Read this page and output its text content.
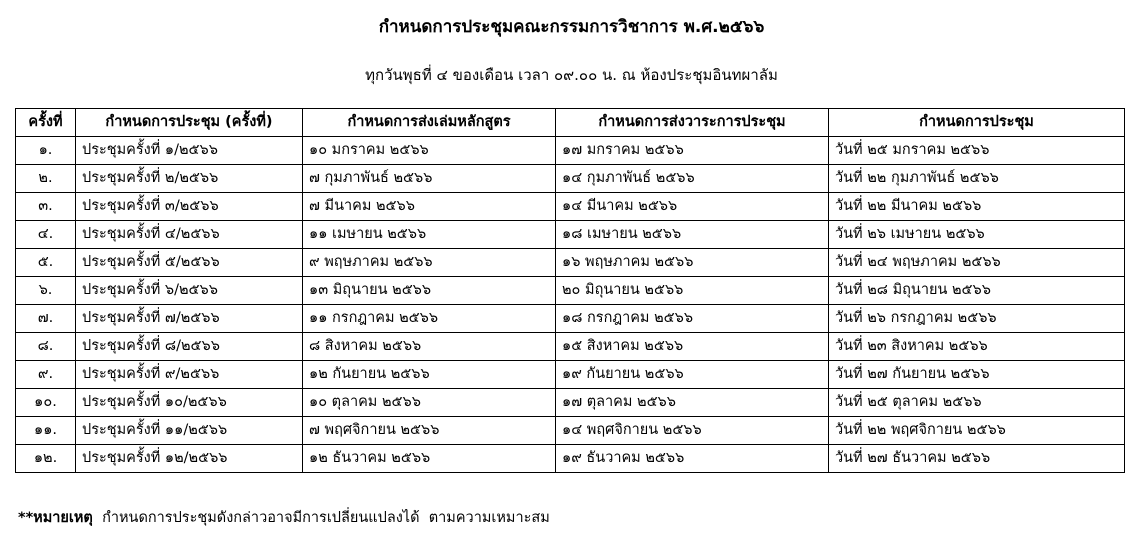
กำหนดการประชุมคณะกรรมการวิชาการ พ.ศ.๒๕๖๖
ทุกวันพุธที่ ๔ ของเดือน เวลา ๐๙.๐๐ น. ณ ห้องประชุมอินทผาลัม
ครั้งที่	กำหนดการประชุม (ครั้งที่)	กำหนดการส่งเล่มหลักสูตร	กำหนดการส่งวาระการประชุม	กำหนดการประชุม
๑.	ประชุมครั้งที่ ๑/๒๕๖๖	๑๐ มกราคม ๒๕๖๖	๑๗ มกราคม ๒๕๖๖	วันที่ ๒๕ มกราคม ๒๕๖๖
๒.	ประชุมครั้งที่ ๒/๒๕๖๖	๗ กุมภาพันธ์ ๒๕๖๖	๑๔ กุมภาพันธ์ ๒๕๖๖	วันที่ ๒๒ กุมภาพันธ์ ๒๕๖๖
๓.	ประชุมครั้งที่ ๓/๒๕๖๖	๗ มีนาคม ๒๕๖๖	๑๔ มีนาคม ๒๕๖๖	วันที่ ๒๒ มีนาคม ๒๕๖๖
๔.	ประชุมครั้งที่ ๔/๒๕๖๖	๑๑ เมษายน ๒๕๖๖	๑๘ เมษายน ๒๕๖๖	วันที่ ๒๖ เมษายน ๒๕๖๖
๕.	ประชุมครั้งที่ ๕/๒๕๖๖	๙ พฤษภาคม ๒๕๖๖	๑๖ พฤษภาคม ๒๕๖๖	วันที่ ๒๔ พฤษภาคม ๒๕๖๖
๖.	ประชุมครั้งที่ ๖/๒๕๖๖	๑๓ มิถุนายน ๒๕๖๖	๒๐ มิถุนายน ๒๕๖๖	วันที่ ๒๘ มิถุนายน ๒๕๖๖
๗.	ประชุมครั้งที่ ๗/๒๕๖๖	๑๑ กรกฎาคม ๒๕๖๖	๑๘ กรกฎาคม ๒๕๖๖	วันที่ ๒๖ กรกฎาคม ๒๕๖๖
๘.	ประชุมครั้งที่ ๘/๒๕๖๖	๘ สิงหาคม ๒๕๖๖	๑๕ สิงหาคม ๒๕๖๖	วันที่ ๒๓ สิงหาคม ๒๕๖๖
๙.	ประชุมครั้งที่ ๙/๒๕๖๖	๑๒ กันยายน ๒๕๖๖	๑๙ กันยายน ๒๕๖๖	วันที่ ๒๗ กันยายน ๒๕๖๖
๑๐.	ประชุมครั้งที่ ๑๐/๒๕๖๖	๑๐ ตุลาคม ๒๕๖๖	๑๗ ตุลาคม ๒๕๖๖	วันที่ ๒๕ ตุลาคม ๒๕๖๖
๑๑.	ประชุมครั้งที่ ๑๑/๒๕๖๖	๗ พฤศจิกายน ๒๕๖๖	๑๔ พฤศจิกายน ๒๕๖๖	วันที่ ๒๒ พฤศจิกายน ๒๕๖๖
๑๒.	ประชุมครั้งที่ ๑๒/๒๕๖๖	๑๒ ธันวาคม ๒๕๖๖	๑๙ ธันวาคม ๒๕๖๖	วันที่ ๒๗ ธันวาคม ๒๕๖๖
**หมายเหตุ  กำหนดการประชุมดังกล่าวอาจมีการเปลี่ยนแปลงได้  ตามความเหมาะสม
